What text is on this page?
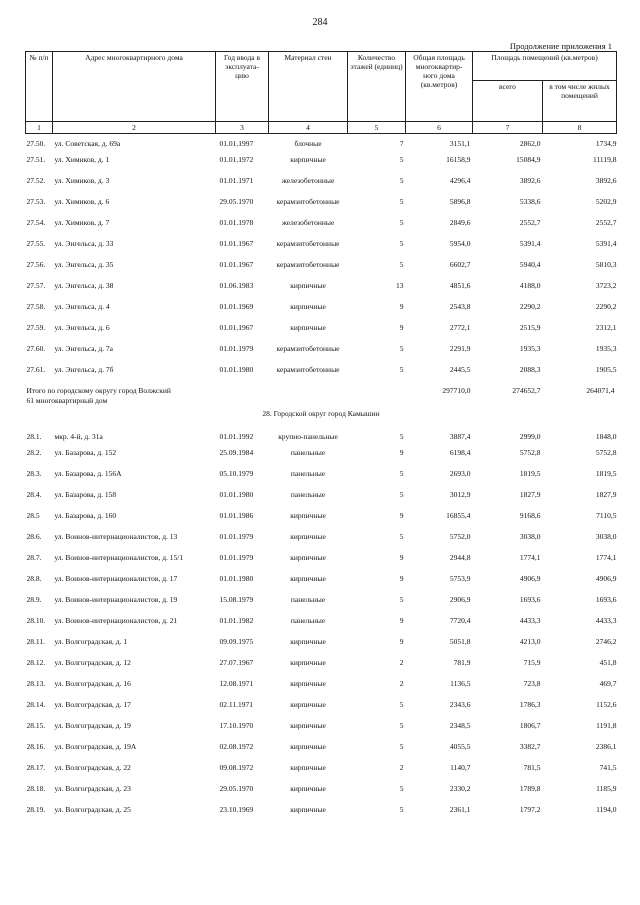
284
Продолжение приложения 1
№ п/п	Адрес многоквартирного дома	Год ввода в эксплуата- цию	Материал стен	Количество этажей (единиц)	Общая площадь многоквартир- ного дома (кв.метров)	Площадь помещений (кв.метров)	
						всего	в том числе жилых помещений
1	2	3	4	5	6	7	8
27.50.	ул. Советская, д. 69а	01.01.1997	блочные	7	3151,1	2862,0	1734,9
27.51.	ул. Химиков, д. 1	01.01.1972	кирпичные	5	16158,9	15084,9	11119,8
27.52.	ул. Химиков, д. 3	01.01.1971	железобетонные	5	4296,4	3892,6	3892,6
27.53.	ул. Химиков, д. 6	29.05.1970	керамзитобетонные	5	5896,8	5338,6	5202,9
27.54.	ул. Химиков, д. 7	01.01.1978	железобетонные	5	2849,6	2552,7	2552,7
27.55.	ул. Энгельса, д. 33	01.01.1967	керамзитобетонные	5	5954,0	5391,4	5391,4
27.56.	ул. Энгельса, д. 35	01.01.1967	керамзитобетонные	5	6602,7	5940,4	5810,3
27.57.	ул. Энгельса, д. 38	01.06.1983	кирпичные	13	4851,6	4188,0	3723,2
27.58.	ул. Энгельса, д. 4	01.01.1969	кирпичные	9	2543,8	2290,2	2290,2
27.59.	ул. Энгельса, д. 6	01.01.1967	кирпичные	9	2772,1	2515,9	2312,1
27.60.	ул. Энгельса, д. 7а	01.01.1979	керамзитобетонные	5	2291,9	1935,3	1935,3
27.61.	ул. Энгельса, д. 7б	01.01.1980	керамзитобетонные	5	2445,5	2088,3	1905,5
Итого по городскому округу город Волжский					297710,0	274652,7	264071,4
61 многоквартирный дом							
28. Городской округ город Камышин							
28.1.	мкр. 4-й, д. 31а	01.01.1992	крупно-панельные	5	3887,4	2999,0	1848,0
28.2.	ул. Базарова, д. 152	25.09.1984	панельные	9	6198,4	5752,8	5752,8
28.3.	ул. Базарова, д. 156А	05.10.1979	панельные	5	2693,0	1819,5	1819,5
28.4.	ул. Базарова, д. 158	01.01.1980	панельные	5	3012,9	1827,9	1827,9
28.5	ул. Базарова, д. 160	01.01.1986	кирпичные	9	16855,4	9168,6	7110,5
28.6.	ул. Воинов-интернационалистов, д. 13	01.01.1979	кирпичные	5	5752,0	3038,0	3038,0
28.7.	ул. Воинов-интернационалистов, д. 15/1	01.01.1979	кирпичные	9	2944,8	1774,1	1774,1
28.8.	ул. Воинов-интернационалистов, д. 17	01.01.1980	кирпичные	9	5753,9	4906,9	4906,9
28.9.	ул. Воинов-интернационалистов, д. 19	15.08.1979	панельные	5	2906,9	1693,6	1693,6
28.10.	ул. Воинов-интернационалистов, д. 21	01.01.1982	панельные	9	7720,4	4433,3	4433,3
28.11.	ул. Волгоградская, д. 1	09.09.1975	кирпичные	9	5051,8	4213,0	2746,2
28.12.	ул. Волгоградская, д. 12	27.07.1967	кирпичные	2	781,9	715,9	451,8
28.13.	ул. Волгоградская, д. 16	12.08.1971	кирпичные	2	1136,5	723,8	469,7
28.14.	ул. Волгоградская, д. 17	02.11.1971	кирпичные	5	2343,6	1786,3	1152,6
28.15.	ул. Волгоградская, д. 19	17.10.1970	кирпичные	5	2348,5	1806,7	1191,8
28.16.	ул. Волгоградская, д. 19А	02.08.1972	кирпичные	5	4055,5	3382,7	2386,1
28.17.	ул. Волгоградская, д. 22	09.08.1972	кирпичные	2	1140,7	781,5	741,5
28.18.	ул. Волгоградская, д. 23	29.05.1970	кирпичные	5	2330,2	1789,8	1185,9
28.19.	ул. Волгоградская, д. 25	23.10.1969	кирпичные	5	2361,1	1797,2	1194,0
